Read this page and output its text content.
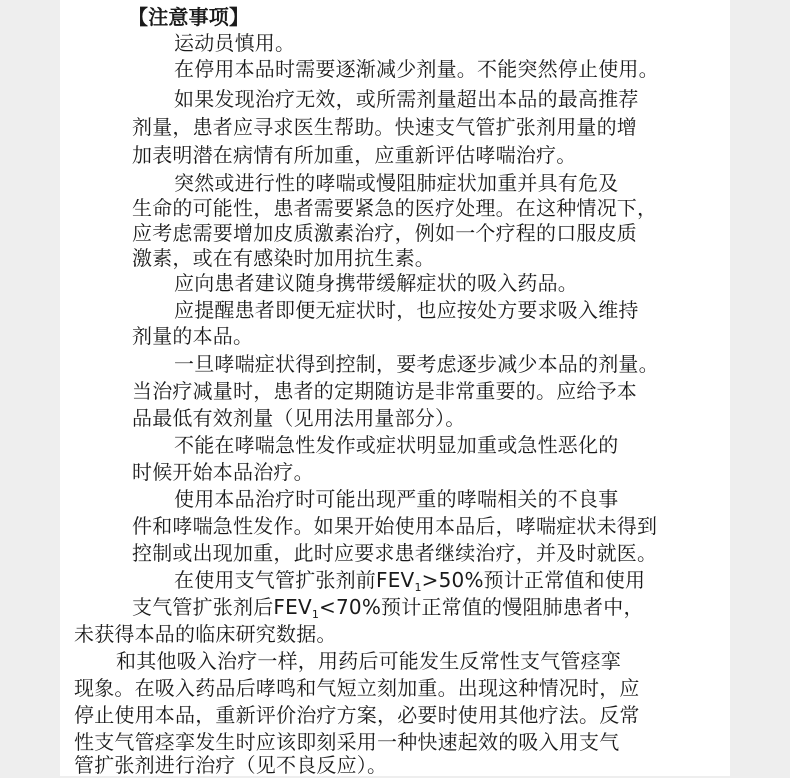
【注意事项】
运动员慎用。
在停用本品时需要逐渐减少剂量。不能突然停止使用。
如果发现治疗无效，或所需剂量超出本品的最高推荐
剂量，患者应寻求医生帮助。快速支气管扩张剂用量的增
加表明潜在病情有所加重，应重新评估哮喘治疗。
突然或进行性的哮喘或慢阻肺症状加重并具有危及
生命的可能性，患者需要紧急的医疗处理。在这种情况下，
应考虑需要增加皮质激素治疗，例如一个疗程的口服皮质
激素，或在有感染时加用抗生素。
应向患者建议随身携带缓解症状的吸入药品。
应提醒患者即便无症状时，也应按处方要求吸入维持
剂量的本品。
一旦哮喘症状得到控制，要考虑逐步减少本品的剂量。
当治疗减量时，患者的定期随访是非常重要的。应给予本
品最低有效剂量（见用法用量部分）。
不能在哮喘急性发作或症状明显加重或急性恶化的
时候开始本品治疗。
使用本品治疗时可能出现严重的哮喘相关的不良事
件和哮喘急性发作。如果开始使用本品后，哮喘症状未得到
控制或出现加重，此时应要求患者继续治疗，并及时就医。
在使用支气管扩张剂前$FEV_1>50\%$预计正常值和使用
支气管扩张剂后$FEV_1<70\%$预计正常值的慢阻肺患者中，
未获得本品的临床研究数据。
和其他吸入治疗一样，用药后可能发生反常性支气管痉挛
现象。在吸入药品后哮鸣和气短立刻加重。出现这种情况时，应
停止使用本品，重新评价治疗方案，必要时使用其他疗法。反常
性支气管痉挛发生时应该即刻采用一种快速起效的吸入用支气
管扩张剂进行治疗（见不良反应）。
